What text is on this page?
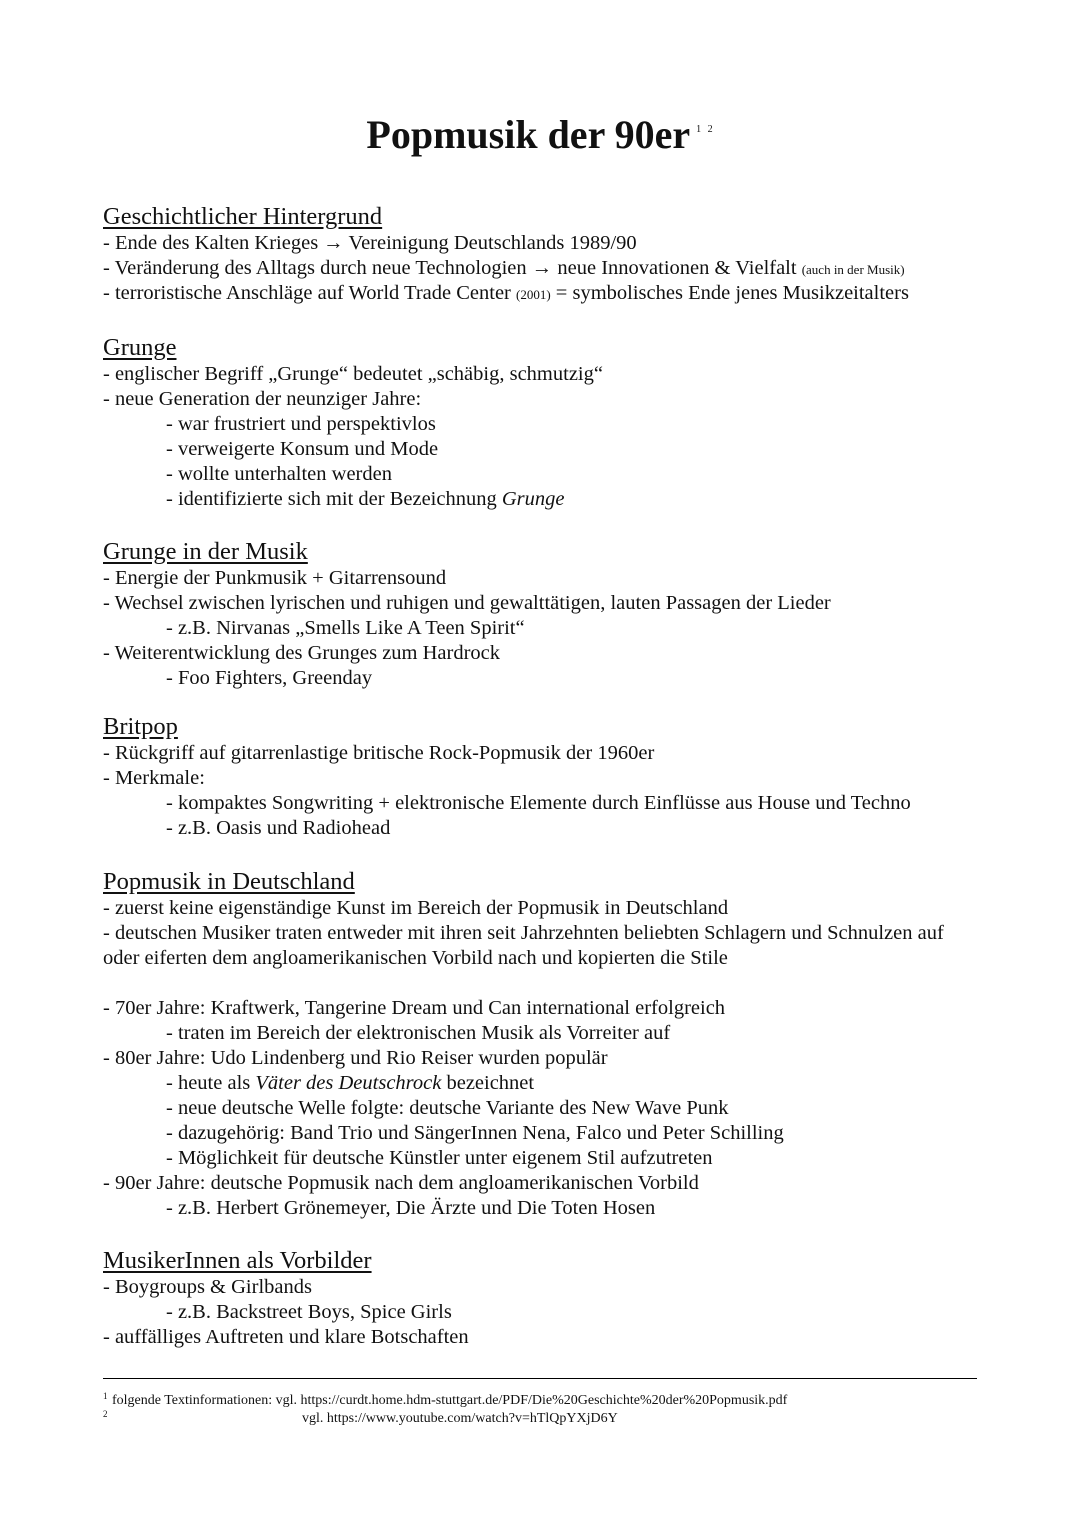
Popmusik der 90er $^{1 2}$
Geschichtlicher Hintergrund
- Ende des Kalten Krieges → Vereinigung Deutschlands 1989/90
- Veränderung des Alltags durch neue Technologien → neue Innovationen & Vielfalt (auch in der Musik)
- terroristische Anschläge auf World Trade Center (2001) = symbolisches Ende jenes Musikzeitalters
Grunge
- englischer Begriff „Grunge“ bedeutet „schäbig, schmutzig“
- neue Generation der neunziger Jahre:
- war frustriert und perspektivlos
- verweigerte Konsum und Mode
- wollte unterhalten werden
- identifizierte sich mit der Bezeichnung Grunge
Grunge in der Musik
- Energie der Punkmusik + Gitarrensound
- Wechsel zwischen lyrischen und ruhigen und gewalttätigen, lauten Passagen der Lieder
- z.B. Nirvanas „Smells Like A Teen Spirit“
- Weiterentwicklung des Grunges zum Hardrock
- Foo Fighters, Greenday
Britpop
- Rückgriff auf gitarrenlastige britische Rock-Popmusik der 1960er
- Merkmale:
- kompaktes Songwriting + elektronische Elemente durch Einflüsse aus House und Techno
- z.B. Oasis und Radiohead
Popmusik in Deutschland
- zuerst keine eigenständige Kunst im Bereich der Popmusik in Deutschland
- deutschen Musiker traten entweder mit ihren seit Jahrzehnten beliebten Schlagern und Schnulzen auf oder eiferten dem angloamerikanischen Vorbild nach und kopierten die Stile
- 70er Jahre: Kraftwerk, Tangerine Dream und Can international erfolgreich
- traten im Bereich der elektronischen Musik als Vorreiter auf
- 80er Jahre: Udo Lindenberg und Rio Reiser wurden populär
- heute als Väter des Deutschrock bezeichnet
- neue deutsche Welle folgte: deutsche Variante des New Wave Punk
- dazugehörig: Band Trio und SängerInnen Nena, Falco und Peter Schilling
- Möglichkeit für deutsche Künstler unter eigenem Stil aufzutreten
- 90er Jahre: deutsche Popmusik nach dem angloamerikanischen Vorbild
- z.B. Herbert Grönemeyer, Die Ärzte und Die Toten Hosen
MusikerInnen als Vorbilder
- Boygroups & Girlbands
- z.B. Backstreet Boys, Spice Girls
- auffälliges Auftreten und klare Botschaften
1 folgende Textinformationen: vgl. https://curdt.home.hdm-stuttgart.de/PDF/Die%20Geschichte%20der%20Popmusik.pdf
2	vgl. https://www.youtube.com/watch?v=hTlQpYXjD6Y
